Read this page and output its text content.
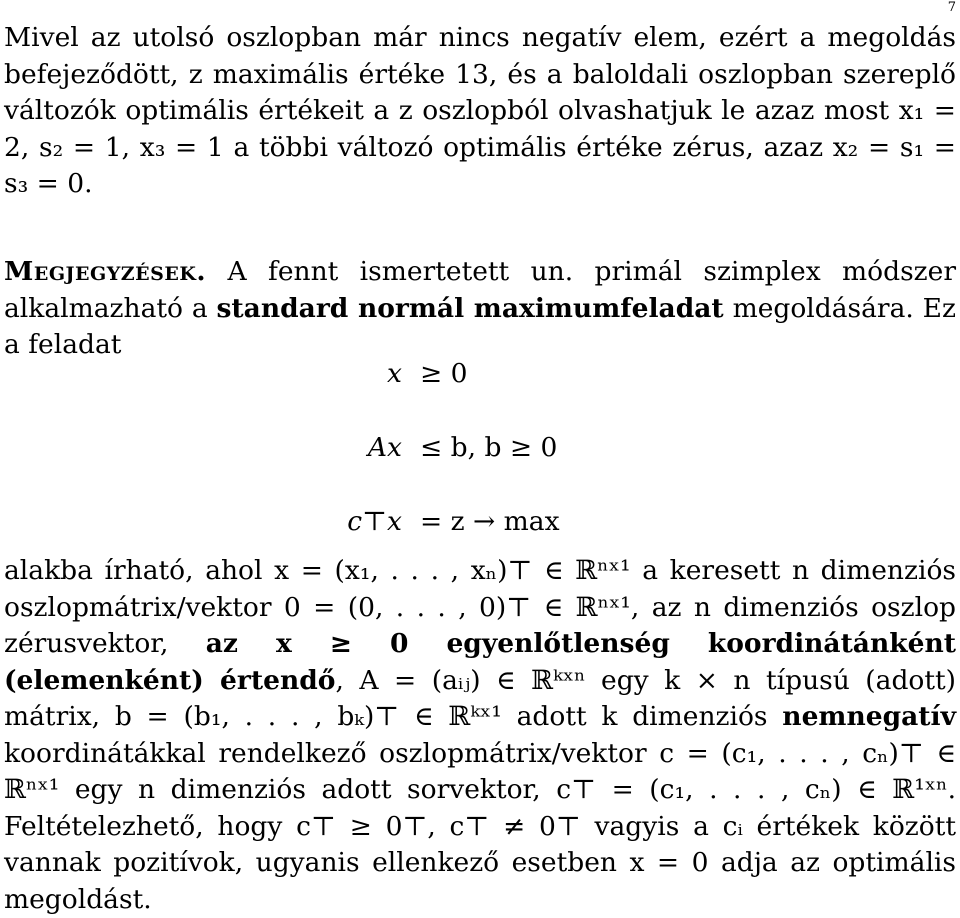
7

Mivel az utolsó oszlopban már nincs negatív elem, ezért a megoldás befejeződött, z maximális értéke 13, és a baloldali oszlopban szereplő változók optimális értékeit a z oszlopból olvashatjuk le azaz most x₁ = 2, s₂ = 1, x₃ = 1 a többi változó optimális értéke zérus, azaz x₂ = s₁ = s₃ = 0.

Megjegyzések. A fennt ismertetett un. primál szimplex módszer alkalmazható a standard normál maximumfeladat megoldására. Ez a feladat

x ≥ 0
Ax ≤ b, b ≥ 0
c⊤x = z → max

alakba írható, ahol x = (x₁, . . . , xₙ)⊤ ∈ ℝⁿˣ¹ a keresett n dimenziós oszlopmátrix/vektor 0 = (0, . . . , 0)⊤ ∈ ℝⁿˣ¹, az n dimenziós oszlop zérusvektor, az x ≥ 0 egyenlőtlenség koordinátánként (elemenként) értendő, A = (aᵢⱼ) ∈ ℝᵏˣⁿ egy k × n típusú (adott) mátrix, b = (b₁, . . . , bₖ)⊤ ∈ ℝᵏˣ¹ adott k dimenziós nemnegatív koordinátákkal rendelkező oszlopmátrix/vektor c = (c₁, . . . , cₙ)⊤ ∈ ℝⁿˣ¹ egy n dimenziós adott sorvektor, c⊤ = (c₁, . . . , cₙ) ∈ ℝ¹ˣⁿ. Feltételezhető, hogy c⊤ ≥ 0⊤, c⊤ ≠ 0⊤ vagyis a cᵢ értékek között vannak pozitívok, ugyanis ellenkező esetben x = 0 adja az optimális megoldást.
